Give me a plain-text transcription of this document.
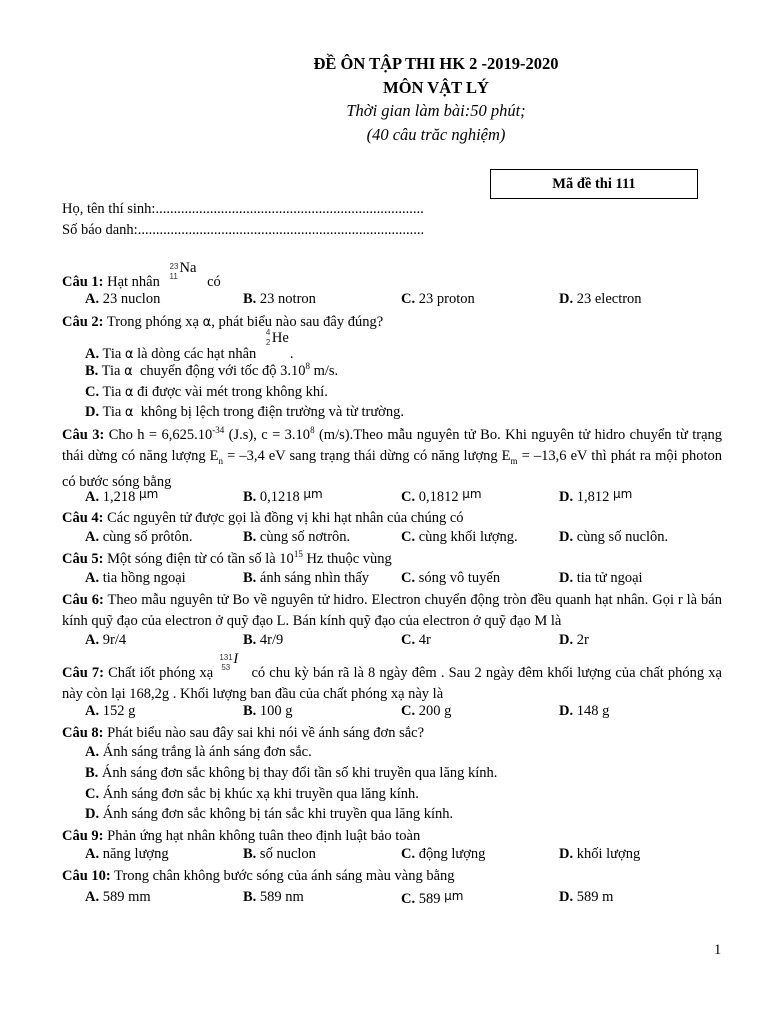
ĐỀ ÔN TẬP THI HK 2 -2019-2020
MÔN VẬT LÝ
Thời gian làm bài:50 phút;
(40 câu trăc nghiệm)
Mã đề thi 111
Họ, tên thí sinh:..........................................................................
Số báo danh:...............................................................................
Câu 1: Hạt nhân
23
11
Na
có
A. 23 nuclon	B. 23 notron	C. 23 proton	D. 23 electron
Câu 2: Trong phóng xạ α, phát biểu nào sau đây đúng?
A. Tia α là dòng các hạt nhân
4
2 He
.
B. Tia α chuyển động với tốc độ 3.10$^8$ m/s.
C. Tia α đi được vài mét trong không khí.
D. Tia α không bị lệch trong điện trường và từ trường.
Câu 3: Cho $h = 6,625.10^{-34}$ (J.s), $c = 3.10^8$ (m/s).Theo mẫu nguyên tử Bo. Khi nguyên tử hidro chuyển từ trạng thái dừng có năng lượng $E_n = -3,4$ eV sang trạng thái dừng có năng lượng $E_m = -13,6$ eV thì phát ra mội photon có bước sóng bằng
A. 1,218 $^{\mu m}$	B. 0,1218 $^{\mu m}$	C. 0,1812 $^{\mu m}$	D. 1,812 $^{\mu m}$
Câu 4: Các nguyên tử được gọi là đồng vị khi hạt nhân của chúng có
A. cùng số prôtôn.	B. cùng số nơtrôn.	C. cùng khối lượng.	D. cùng số nuclôn.
Câu 5: Một sóng điện từ có tần số là $10^{15}$ Hz thuộc vùng
A. tia hồng ngoại	B. ánh sáng nhìn thấy C. sóng vô tuyến	D. tia tử ngoại
Câu 6: Theo mẫu nguyên tử Bo về nguyên tử hidro. Electron chuyển động tròn đều quanh hạt nhân. Gọi r là bán kính quỹ đạo của electron ở quỹ đạo L. Bán kính quỹ đạo của electron ở quỹ đạo M là
A. 9r/4	B. 4r/9	C. 4r	D. 2r
Câu 7: Chất iốt phóng xạ
131
53
I
có chu kỳ bán rã là 8 ngày đêm . Sau 2 ngày đêm khối lượng của chất phóng xạ này còn lại 168,2g . Khối lượng ban đầu của chất phóng xạ này là
A. 152 g	B. 100 g	C. 200 g	D. 148 g
Câu 8: Phát biểu nào sau đây sai khi nói về ánh sáng đơn sắc?
A. Ánh sáng trắng là ánh sáng đơn sắc.
B. Ánh sáng đơn sắc không bị thay đổi tần số khi truyền qua lăng kính.
C. Ánh sáng đơn sắc bị khúc xạ khi truyền qua lăng kính.
D. Ánh sáng đơn sắc không bị tán sắc khi truyền qua lăng kính.
Câu 9: Phản ứng hạt nhân không tuân theo định luật bảo toàn
A. năng lượng	B. số nuclon	C. động lượng	D. khối lượng
Câu 10: Trong chân không bước sóng của ánh sáng màu vàng bằng
A. 589 mm	B. 589 nm	C. 589 $^{\mu m}$	D. 589 m
1
